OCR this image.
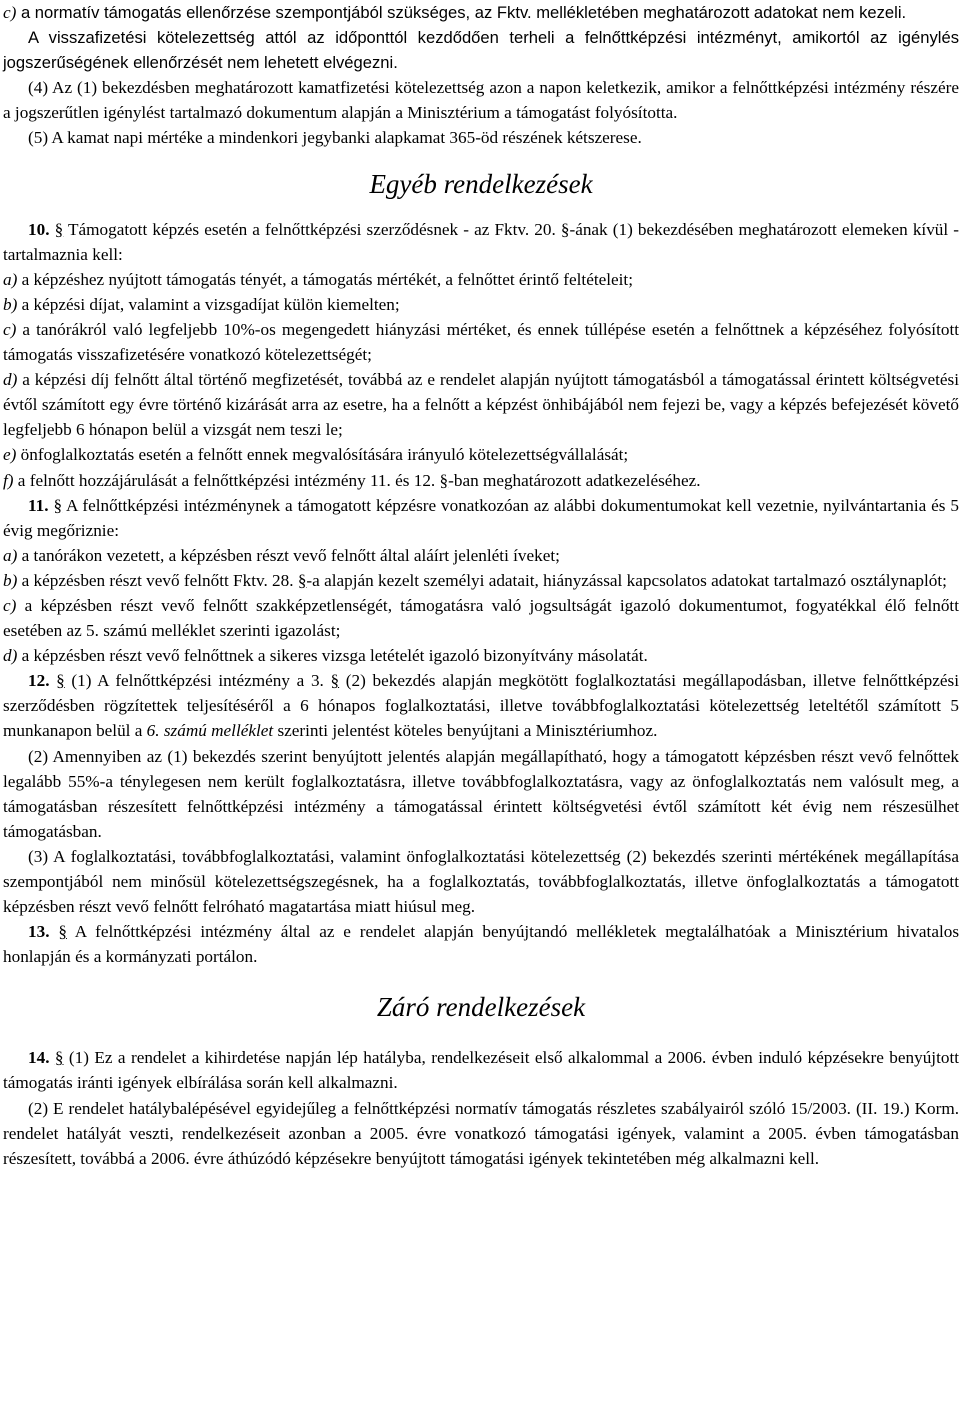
c) a normatív támogatás ellenőrzése szempontjából szükséges, az Fktv. mellékletében meghatározott adatokat nem kezeli.

A visszafizetési kötelezettség attól az időponttól kezdődően terheli a felnőttképzési intézményt, amikortól az igénylés jogszerűségének ellenőrzését nem lehetett elvégezni.

(4) Az (1) bekezdésben meghatározott kamatfizetési kötelezettség azon a napon keletkezik, amikor a felnőttképzési intézmény részére a jogszerűtlen igénylést tartalmazó dokumentum alapján a Minisztérium a támogatást folyósította.

(5) A kamat napi mértéke a mindenkori jegybanki alapkamat 365-öd részének kétszerese.

Egyéb rendelkezések

10. § Támogatott képzés esetén a felnőttképzési szerződésnek - az Fktv. 20. §-ának (1) bekezdésében meghatározott elemeken kívül - tartalmaznia kell:

a) a képzéshez nyújtott támogatás tényét, a támogatás mértékét, a felnőttet érintő feltételeit;

b) a képzési díjat, valamint a vizsgadíjat külön kiemelten;

c) a tanórákról való legfeljebb 10%-os megengedett hiányzási mértéket, és ennek túllépése esetén a felnőttnek a képzéséhez folyósított támogatás visszafizetésére vonatkozó kötelezettségét;

d) a képzési díj felnőtt által történő megfizetését, továbbá az e rendelet alapján nyújtott támogatásból a támogatással érintett költségvetési évtől számított egy évre történő kizárását arra az esetre, ha a felnőtt a képzést önhibájából nem fejezi be, vagy a képzés befejezését követő legfeljebb 6 hónapon belül a vizsgát nem teszi le;

e) önfoglalkoztatás esetén a felnőtt ennek megvalósítására irányuló kötelezettségvállalását;

f) a felnőtt hozzájárulását a felnőttképzési intézmény 11. és 12. §-ban meghatározott adatkezeléséhez.

11. § A felnőttképzési intézménynek a támogatott képzésre vonatkozóan az alábbi dokumentumokat kell vezetnie, nyilvántartania és 5 évig megőriznie:

a) a tanórákon vezetett, a képzésben részt vevő felnőtt által aláírt jelenléti íveket;

b) a képzésben részt vevő felnőtt Fktv. 28. §-a alapján kezelt személyi adatait, hiányzással kapcsolatos adatokat tartalmazó osztálynaplót;

c) a képzésben részt vevő felnőtt szakképzetlenségét, támogatásra való jogsultságát igazoló dokumentumot, fogyatékkal élő felnőtt esetében az 5. számú melléklet szerinti igazolást;

d) a képzésben részt vevő felnőttnek a sikeres vizsga letételét igazoló bizonyítvány másolatát.

12. § (1) A felnőttképzési intézmény a 3. § (2) bekezdés alapján megkötött foglalkoztatási megállapodásban, illetve felnőttképzési szerződésben rögzítettek teljesítéséről a 6 hónapos foglalkoztatási, illetve továbbfoglalkoztatási kötelezettség leteltétől számított 5 munkanapon belül a 6. számú melléklet szerinti jelentést köteles benyújtani a Minisztériumhoz.

(2) Amennyiben az (1) bekezdés szerint benyújtott jelentés alapján megállapítható, hogy a támogatott képzésben részt vevő felnőttek legalább 55%-a ténylegesen nem került foglalkoztatásra, illetve továbbfoglalkoztatásra, vagy az önfoglalkoztatás nem valósult meg, a támogatásban részesített felnőttképzési intézmény a támogatással érintett költségvetési évtől számított két évig nem részesülhet támogatásban.

(3) A foglalkoztatási, továbbfoglalkoztatási, valamint önfoglalkoztatási kötelezettség (2) bekezdés szerinti mértékének megállapítása szempontjából nem minősül kötelezettségszegésnek, ha a foglalkoztatás, továbbfoglalkoztatás, illetve önfoglalkoztatás a támogatott képzésben részt vevő felnőtt felróható magatartása miatt hiúsul meg.

13. § A felnőttképzési intézmény által az e rendelet alapján benyújtandó mellékletek megtalálhatóak a Minisztérium hivatalos honlapján és a kormányzati portálon.

Záró rendelkezések

14. § (1) Ez a rendelet a kihirdetése napján lép hatályba, rendelkezéseit első alkalommal a 2006. évben induló képzésekre benyújtott támogatás iránti igények elbírálása során kell alkalmazni.

(2) E rendelet hatálybalépésével egyidejűleg a felnőttképzési normatív támogatás részletes szabályairól szóló 15/2003. (II. 19.) Korm. rendelet hatályát veszti, rendelkezéseit azonban a 2005. évre vonatkozó támogatási igények, valamint a 2005. évben támogatásban részesített, továbbá a 2006. évre áthúzódó képzésekre benyújtott támogatási igények tekintetében még alkalmazni kell.
